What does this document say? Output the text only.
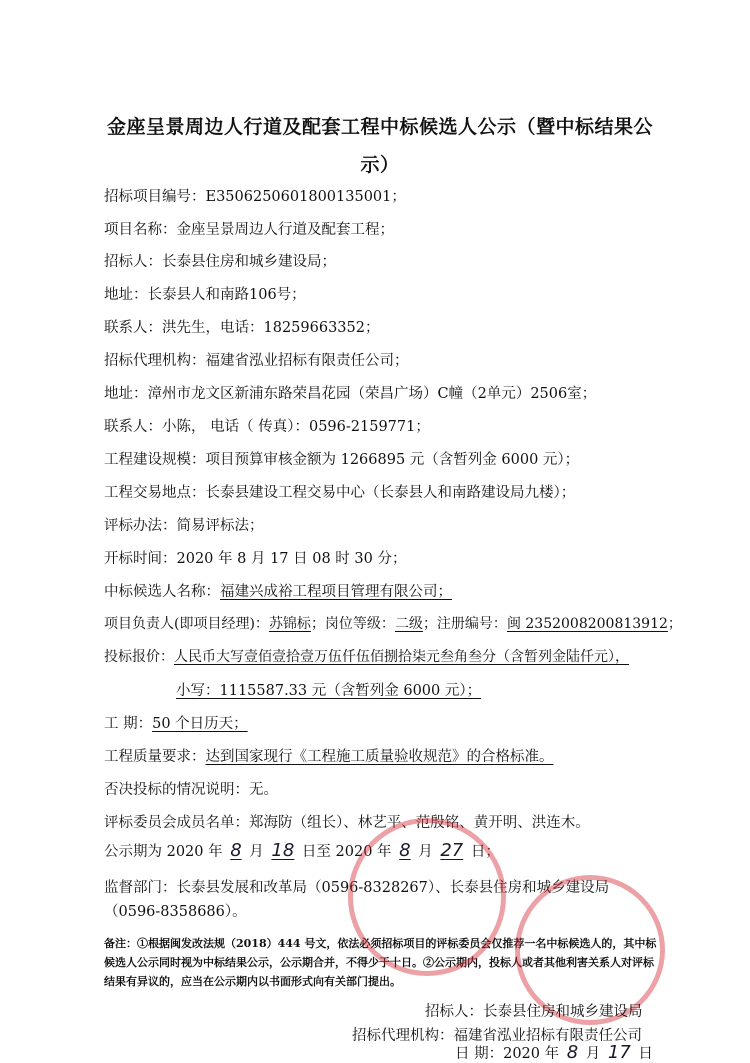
金座呈景周边人行道及配套工程中标候选人公示（暨中标结果公
示）
招标项目编号：E3506250601800135001；
项目名称：金座呈景周边人行道及配套工程；
招标人：长泰县住房和城乡建设局；
地址：长泰县人和南路106号；
联系人：洪先生，电话：18259663352；
招标代理机构：福建省泓业招标有限责任公司；
地址：漳州市龙文区新浦东路荣昌花园（荣昌广场）C幢（2单元）2506室；
联系人：小陈， 电话（ 传真）：0596-2159771；
工程建设规模：项目预算审核金额为 1266895 元（含暂列金 6000 元）；
工程交易地点：长泰县建设工程交易中心（长泰县人和南路建设局九楼）；
评标办法：简易评标法；
开标时间：2020 年 8 月 17 日 08 时 30 分；
中标候选人名称：福建兴成裕工程项目管理有限公司；
项目负责人(即项目经理)：苏锦标；岗位等级：二级；注册编号：闽 2352008200813912；
投标报价：人民币大写壹佰壹拾壹万伍仟伍佰捌拾柒元叁角叁分（含暂列金陆仟元），
小写：1115587.33 元（含暂列金 6000 元）；
工 期：50 个日历天；
工程质量要求：达到国家现行《工程施工质量验收规范》的合格标准。
否决投标的情况说明：无。
评标委员会成员名单：郑海防（组长）、林艺平、范殷铭、黄开明、洪连木。
公示期为 2020 年 8 月 18 日至 2020 年 8 月 27 日；
监督部门：长泰县发展和改革局（0596-8328267）、长泰县住房和城乡建设局
（0596-8358686）。
备注：①根据闽发改法规（2018）444 号文，依法必须招标项目的评标委员会仅推荐一名中标候选人的，其中标候选人公示同时视为中标结果公示，公示期合并，不得少于十日。②公示期内，投标人或者其他利害关系人对评标结果有异议的，应当在公示期内以书面形式向有关部门提出。
招标人：长泰县住房和城乡建设局
招标代理机构：福建省泓业招标有限责任公司
日 期：2020 年 8 月 17 日
